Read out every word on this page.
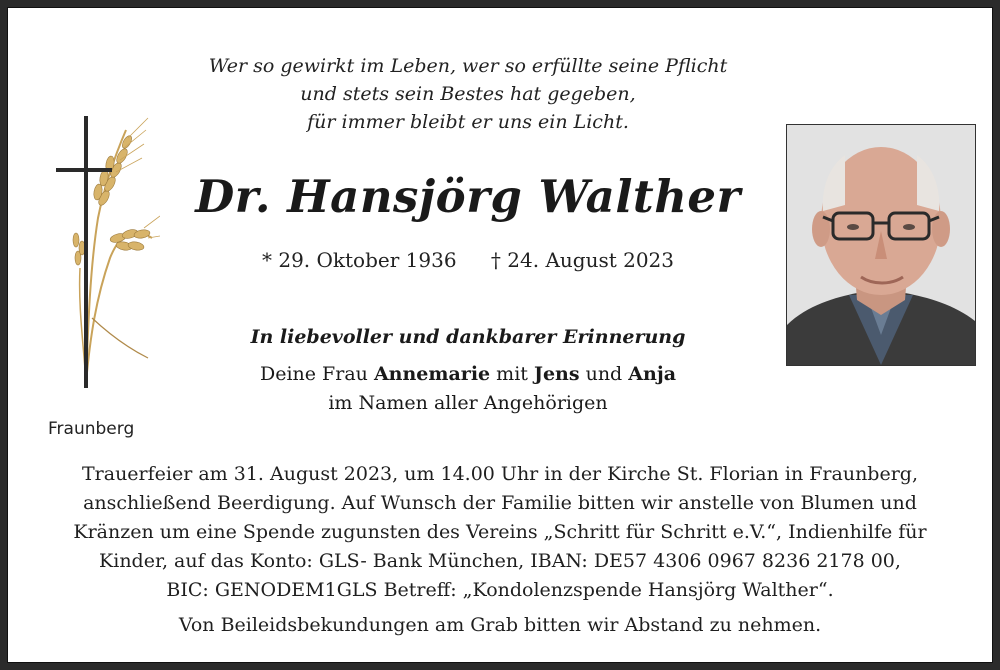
Wer so gewirkt im Leben, wer so erfüllte seine Pflicht
und stets sein Bestes hat gegeben,
für immer bleibt er uns ein Licht.
Fraunberg
Dr. Hansjörg Walther
* 29. Oktober 1936 † 24. August 2023
In liebevoller und dankbarer Erinnerung
Deine Frau Annemarie mit Jens und Anja
im Namen aller Angehörigen
Trauerfeier am 31. August 2023, um 14.00 Uhr in der Kirche St. Florian in Fraunberg,
anschließend Beerdigung. Auf Wunsch der Familie bitten wir anstelle von Blumen und
Kränzen um eine Spende zugunsten des Vereins „Schritt für Schritt e.V.“, Indienhilfe für
Kinder, auf das Konto: GLS- Bank München, IBAN: DE57 4306 0967 8236 2178 00,
BIC: GENODEM1GLS Betreff: „Kondolenzspende Hansjörg Walther“.
Von Beileidsbekundungen am Grab bitten wir Abstand zu nehmen.
